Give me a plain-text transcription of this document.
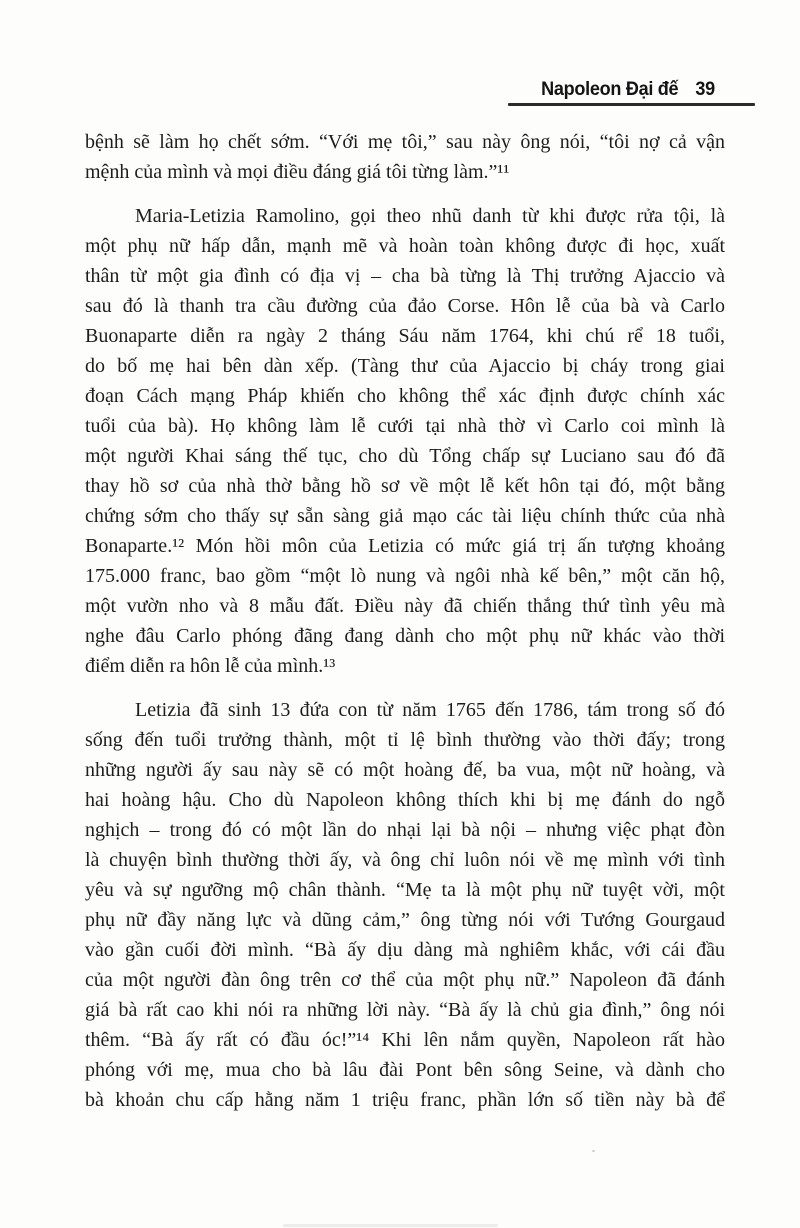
Napoleon Đại đế 39
bệnh sẽ làm họ chết sớm. “Với mẹ tôi,” sau này ông nói, “tôi nợ cả vận
mệnh của mình và mọi điều đáng giá tôi từng làm.”¹¹
Maria-Letizia Ramolino, gọi theo nhũ danh từ khi được rửa tội, là
một phụ nữ hấp dẫn, mạnh mẽ và hoàn toàn không được đi học, xuất
thân từ một gia đình có địa vị – cha bà từng là Thị trưởng Ajaccio và
sau đó là thanh tra cầu đường của đảo Corse. Hôn lễ của bà và Carlo
Buonaparte diễn ra ngày 2 tháng Sáu năm 1764, khi chú rể 18 tuổi,
do bố mẹ hai bên dàn xếp. (Tàng thư của Ajaccio bị cháy trong giai
đoạn Cách mạng Pháp khiến cho không thể xác định được chính xác
tuổi của bà). Họ không làm lễ cưới tại nhà thờ vì Carlo coi mình là
một người Khai sáng thế tục, cho dù Tổng chấp sự Luciano sau đó đã
thay hồ sơ của nhà thờ bằng hồ sơ về một lễ kết hôn tại đó, một bằng
chứng sớm cho thấy sự sẵn sàng giả mạo các tài liệu chính thức của nhà
Bonaparte.¹² Món hồi môn của Letizia có mức giá trị ấn tượng khoảng
175.000 franc, bao gồm “một lò nung và ngôi nhà kế bên,” một căn hộ,
một vườn nho và 8 mẫu đất. Điều này đã chiến thắng thứ tình yêu mà
nghe đâu Carlo phóng đãng đang dành cho một phụ nữ khác vào thời
điểm diễn ra hôn lễ của mình.¹³
Letizia đã sinh 13 đứa con từ năm 1765 đến 1786, tám trong số đó
sống đến tuổi trưởng thành, một tỉ lệ bình thường vào thời đấy; trong
những người ấy sau này sẽ có một hoàng đế, ba vua, một nữ hoàng, và
hai hoàng hậu. Cho dù Napoleon không thích khi bị mẹ đánh do ngỗ
nghịch – trong đó có một lần do nhại lại bà nội – nhưng việc phạt đòn
là chuyện bình thường thời ấy, và ông chỉ luôn nói về mẹ mình với tình
yêu và sự ngưỡng mộ chân thành. “Mẹ ta là một phụ nữ tuyệt vời, một
phụ nữ đầy năng lực và dũng cảm,” ông từng nói với Tướng Gourgaud
vào gần cuối đời mình. “Bà ấy dịu dàng mà nghiêm khắc, với cái đầu
của một người đàn ông trên cơ thể của một phụ nữ.” Napoleon đã đánh
giá bà rất cao khi nói ra những lời này. “Bà ấy là chủ gia đình,” ông nói
thêm. “Bà ấy rất có đầu óc!”¹⁴ Khi lên nắm quyền, Napoleon rất hào
phóng với mẹ, mua cho bà lâu đài Pont bên sông Seine, và dành cho
bà khoản chu cấp hằng năm 1 triệu franc, phần lớn số tiền này bà để
